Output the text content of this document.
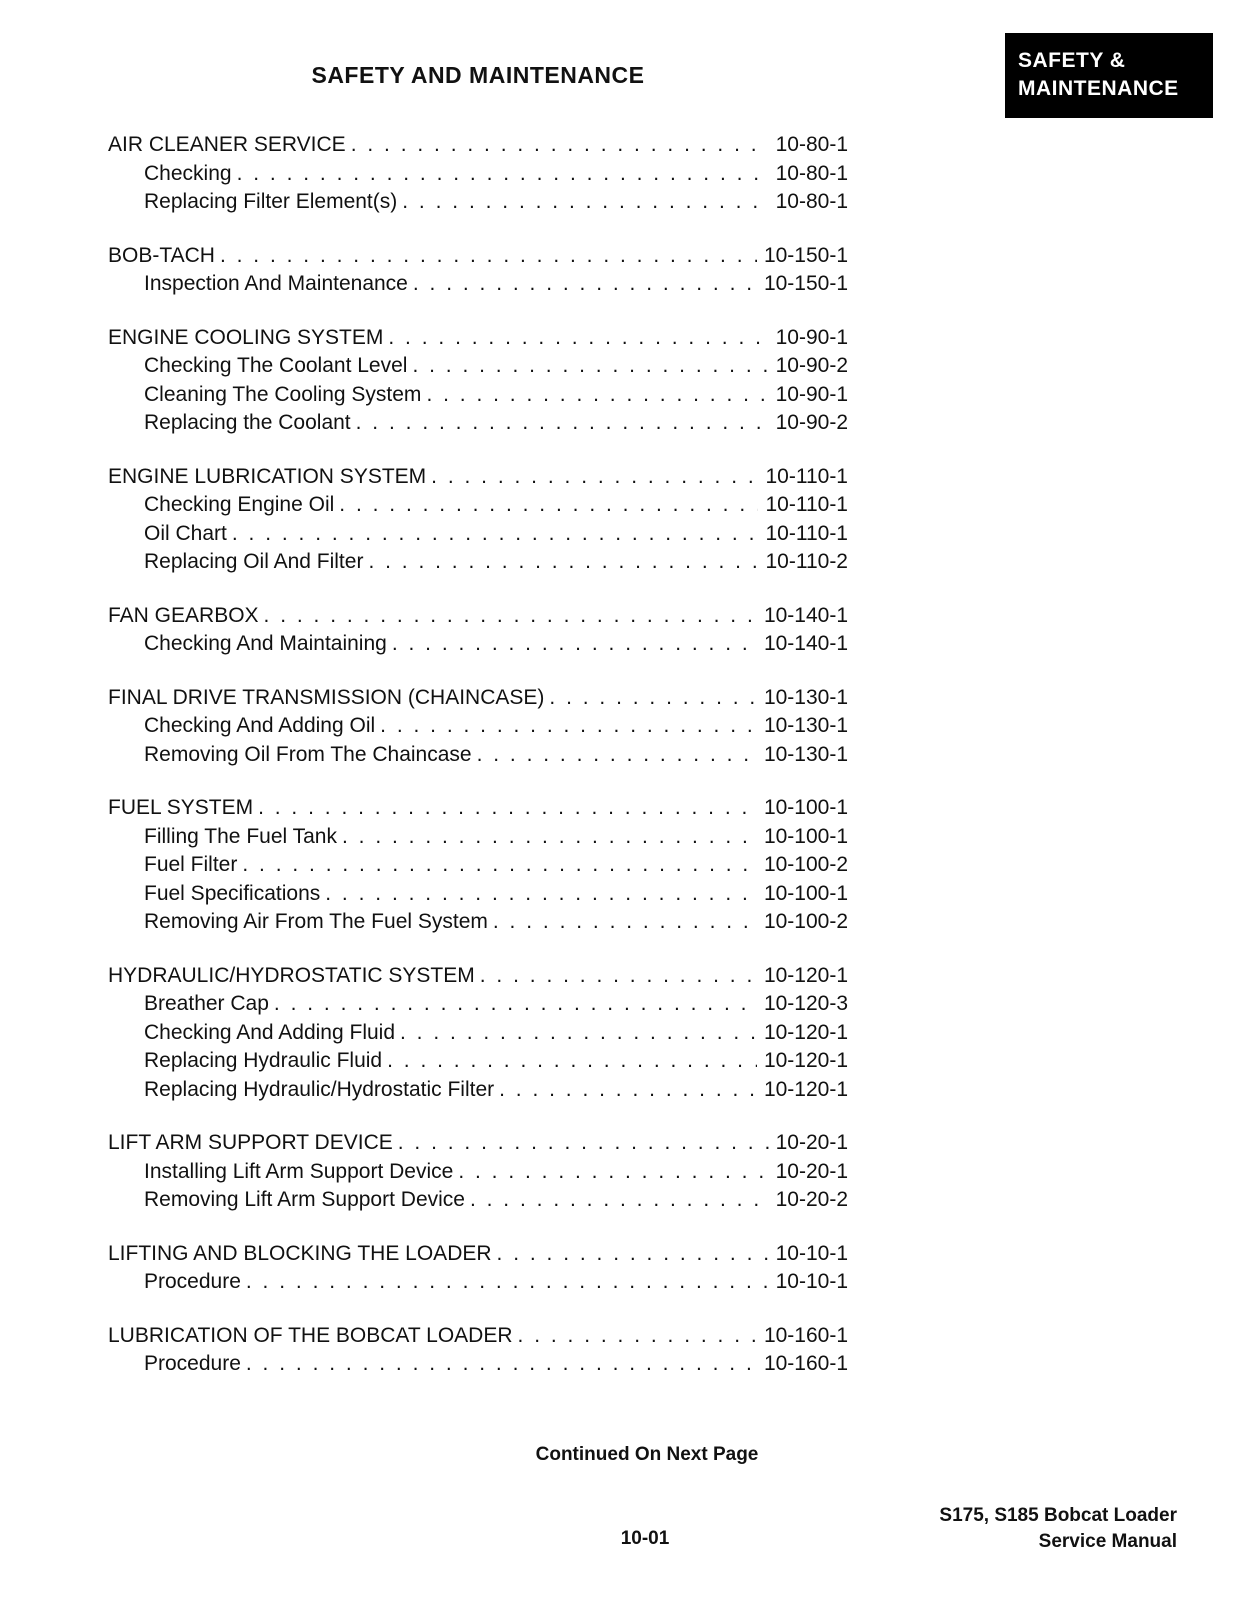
SAFETY &
MAINTENANCE
SAFETY AND MAINTENANCE
AIR CLEANER SERVICE . . .	10-80-1
Checking . . .	10-80-1
Replacing Filter Element(s) . . .	10-80-1
BOB-TACH . . .	10-150-1
Inspection And Maintenance . . .	10-150-1
ENGINE COOLING SYSTEM . . .	10-90-1
Checking The Coolant Level . . .	10-90-2
Cleaning The Cooling System . . .	10-90-1
Replacing the Coolant . . .	10-90-2
ENGINE LUBRICATION SYSTEM . . .	10-110-1
Checking Engine Oil . . .	10-110-1
Oil Chart . . .	10-110-1
Replacing Oil And Filter . . .	10-110-2
FAN GEARBOX . . .	10-140-1
Checking And Maintaining . . .	10-140-1
FINAL DRIVE TRANSMISSION (CHAINCASE) . . .	10-130-1
Checking And Adding Oil . . .	10-130-1
Removing Oil From The Chaincase . . .	10-130-1
FUEL SYSTEM . . .	10-100-1
Filling The Fuel Tank . . .	10-100-1
Fuel Filter . . .	10-100-2
Fuel Specifications . . .	10-100-1
Removing Air From The Fuel System . . .	10-100-2
HYDRAULIC/HYDROSTATIC SYSTEM . . .	10-120-1
Breather Cap . . .	10-120-3
Checking And Adding Fluid . . .	10-120-1
Replacing Hydraulic Fluid . . .	10-120-1
Replacing Hydraulic/Hydrostatic Filter . . .	10-120-1
LIFT ARM SUPPORT DEVICE . . .	10-20-1
Installing Lift Arm Support Device . . .	10-20-1
Removing Lift Arm Support Device . . .	10-20-2
LIFTING AND BLOCKING THE LOADER . . .	10-10-1
Procedure . . .	10-10-1
LUBRICATION OF THE BOBCAT LOADER . . .	10-160-1
Procedure . . .	10-160-1
Continued On Next Page
10-01
S175, S185 Bobcat Loader
Service Manual
